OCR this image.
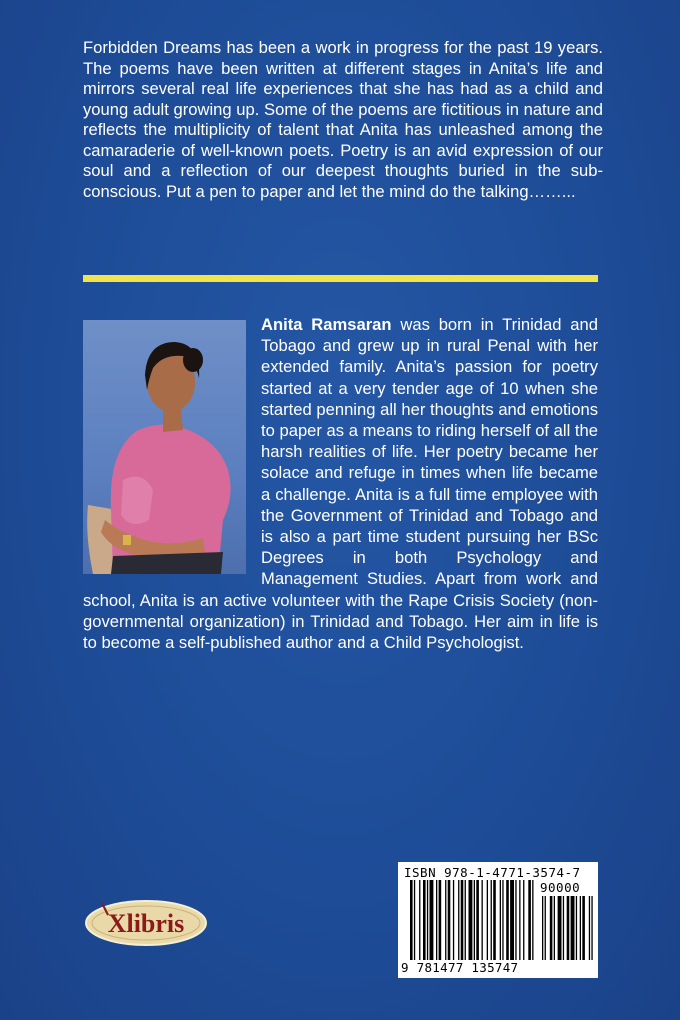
Forbidden Dreams has been a work in progress for the past 19 years. The poems have been written at different stages in Anita’s life and mirrors several real life experiences that she has had as a child and young adult growing up. Some of the poems are fictitious in nature and reflects the multiplicity of talent that Anita has unleashed among the camaraderie of well-known poets. Poetry is an avid expression of our soul and a reflection of our deepest thoughts buried in the sub-conscious. Put a pen to paper and let the mind do the talking……...

Anita Ramsaran was born in Trinidad and Tobago and grew up in rural Penal with her extended family. Anita’s passion for poetry started at a very tender age of 10 when she started penning all her thoughts and emotions to paper as a means to riding herself of all the harsh realities of life. Her poetry became her solace and refuge in times when life became a challenge. Anita is a full time employee with the Government of Trinidad and Tobago and is also a part time student pursuing her BSc Degrees in both Psychology and Management Studies. Apart from work and school, Anita is an active volunteer with the Rape Crisis Society (non-governmental organization) in Trinidad and Tobago. Her aim in life is to become a self-published author and a Child Psychologist.

Xlibris
ISBN 978-1-4771-3574-7
90000
9 781477 135747
